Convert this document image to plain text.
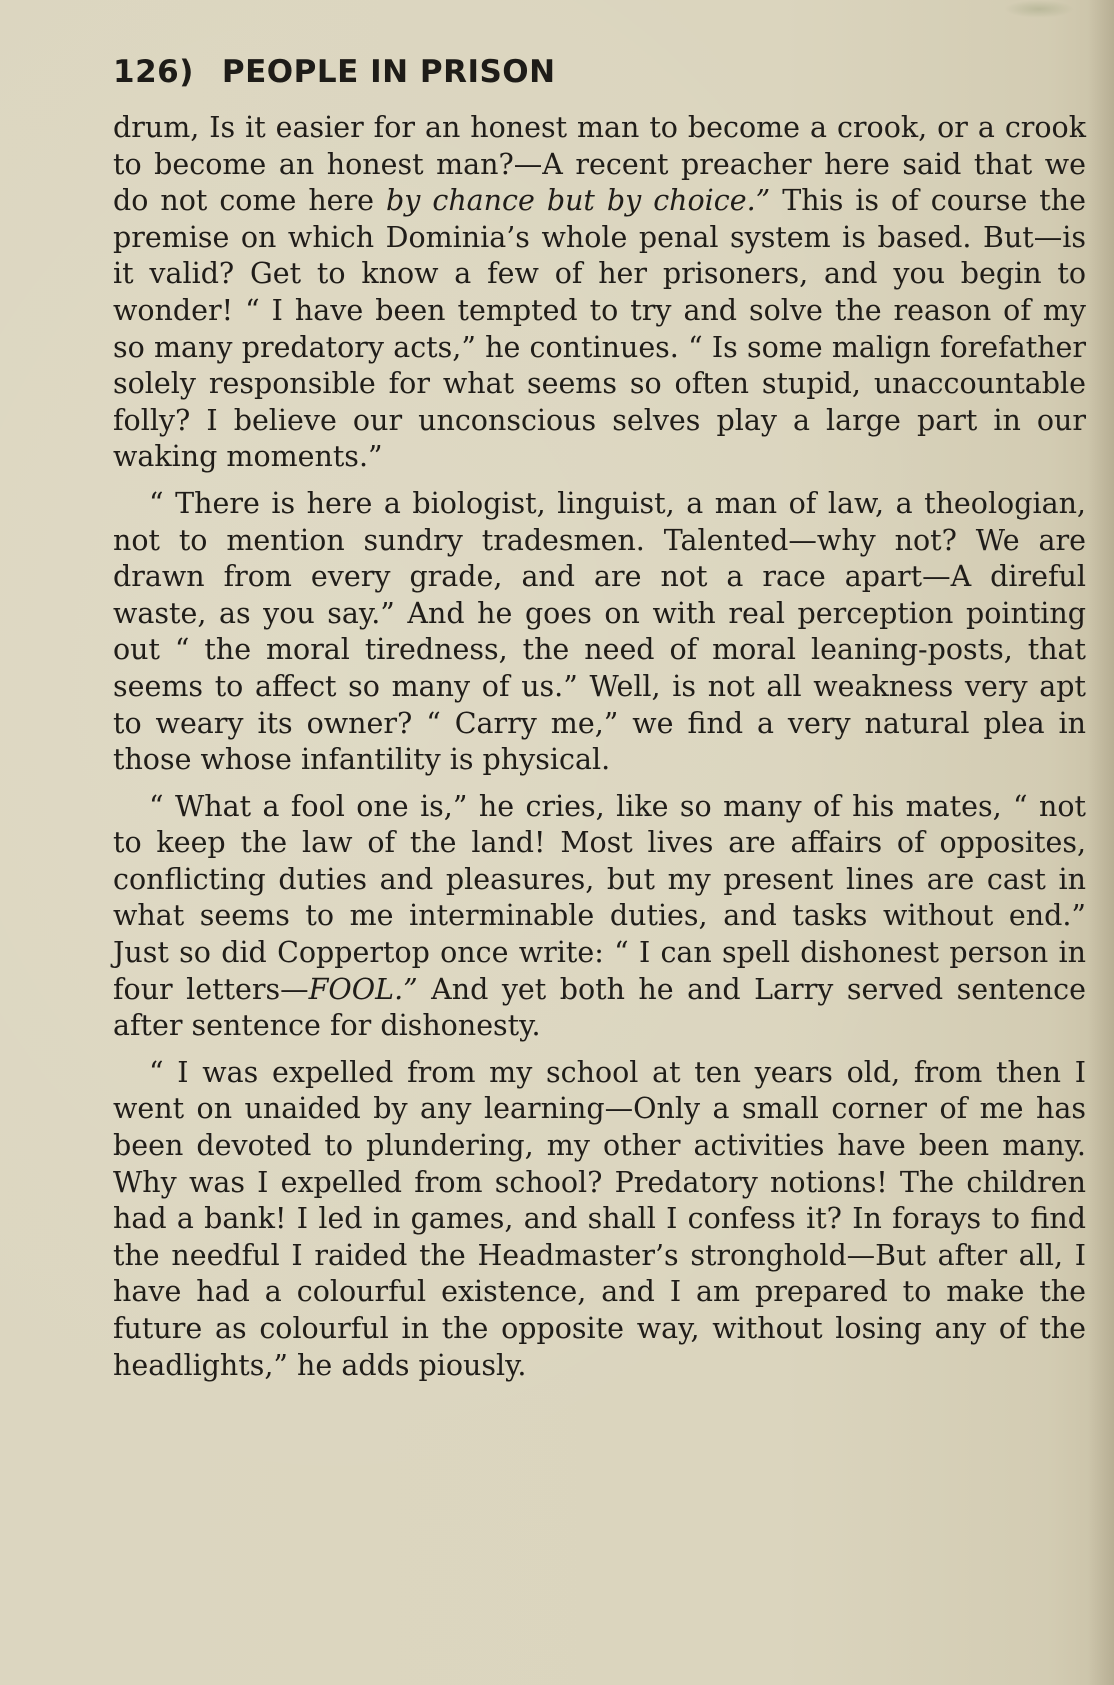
126) PEOPLE IN PRISON

drum, Is it easier for an honest man to become a crook, or a crook to become an honest man?—A recent preacher here said that we do not come here by chance but by choice.” This is of course the premise on which Dominia’s whole penal system is based. But—is it valid? Get to know a few of her prisoners, and you begin to wonder! “ I have been tempted to try and solve the reason of my so many predatory acts,” he continues. “ Is some malign forefather solely responsible for what seems so often stupid, unaccountable folly? I believe our unconscious selves play a large part in our waking moments.”

“ There is here a biologist, linguist, a man of law, a theologian, not to mention sundry tradesmen. Talented—why not? We are drawn from every grade, and are not a race apart—A direful waste, as you say.” And he goes on with real perception pointing out “ the moral tiredness, the need of moral leaning-posts, that seems to affect so many of us.” Well, is not all weakness very apt to weary its owner? “ Carry me,” we find a very natural plea in those whose infantility is physical.

“ What a fool one is,” he cries, like so many of his mates, “ not to keep the law of the land! Most lives are affairs of opposites, conflicting duties and pleasures, but my present lines are cast in what seems to me interminable duties, and tasks without end.” Just so did Coppertop once write: “ I can spell dishonest person in four letters—FOOL.” And yet both he and Larry served sentence after sentence for dishonesty.

“ I was expelled from my school at ten years old, from then I went on unaided by any learning—Only a small corner of me has been devoted to plundering, my other activities have been many. Why was I expelled from school? Predatory notions! The children had a bank! I led in games, and shall I confess it? In forays to find the needful I raided the Headmaster’s stronghold—But after all, I have had a colourful existence, and I am prepared to make the future as colourful in the opposite way, without losing any of the headlights,” he adds piously.
